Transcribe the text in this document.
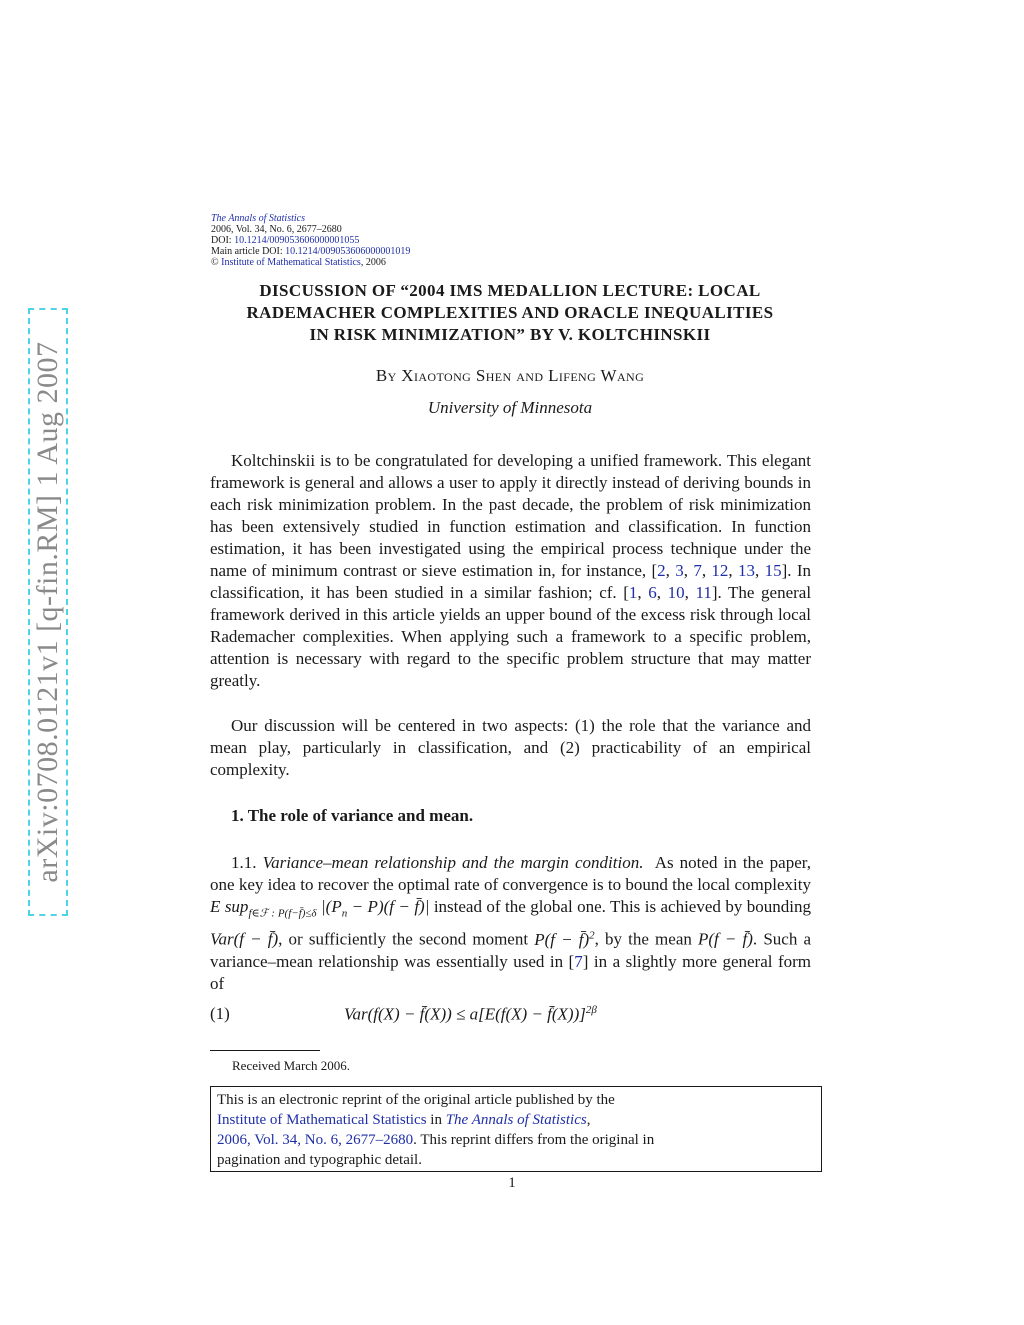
arXiv:0708.0121v1 [q-fin.RM] 1 Aug 2007
The Annals of Statistics
2006, Vol. 34, No. 6, 2677–2680
DOI: 10.1214/009053606000001055
Main article DOI: 10.1214/009053606000001019
© Institute of Mathematical Statistics, 2006
DISCUSSION OF “2004 IMS MEDALLION LECTURE: LOCAL
RADEMACHER COMPLEXITIES AND ORACLE INEQUALITIES
IN RISK MINIMIZATION” BY V. KOLTCHINSKII
By Xiaotong Shen and Lifeng Wang
University of Minnesota

Koltchinskii is to be congratulated for developing a unified framework. This elegant framework is general and allows a user to apply it directly instead of deriving bounds in each risk minimization problem. In the past decade, the problem of risk minimization has been extensively studied in function estimation and classification. In function estimation, it has been investigated using the empirical process technique under the name of minimum contrast or sieve estimation in, for instance, [2, 3, 7, 12, 13, 15]. In classification, it has been studied in a similar fashion; cf. [1, 6, 10, 11]. The general framework derived in this article yields an upper bound of the excess risk through local Rademacher complexities. When applying such a framework to a specific problem, attention is necessary with regard to the specific problem structure that may matter greatly.

Our discussion will be centered in two aspects: (1) the role that the variance and mean play, particularly in classification, and (2) practicability of an empirical complexity.

1. The role of variance and mean.

1.1. Variance–mean relationship and the margin condition. As noted in the paper, one key idea to recover the optimal rate of convergence is to bound the local complexity E sup$_{f\in ℱ : P(f-f̄)\le\delta}$ $|(P_n - P)(f$ − f̄)| instead of the global one. This is achieved by bounding Var(f − f̄), or sufficiently the second moment P(f − f̄)$^2$, by the mean P(f − f̄). Such a variance–mean relationship was essentially used in [7] in a slightly more general form of

(1)	Var(f(X) − f̄(X)) ≤ a[E(f(X) − f̄(X))]$^{2\beta}$
Received March 2006.
This is an electronic reprint of the original article published by the
Institute of Mathematical Statistics in The Annals of Statistics,
2006, Vol. 34, No. 6, 2677–2680. This reprint differs from the original in
pagination and typographic detail.
1
